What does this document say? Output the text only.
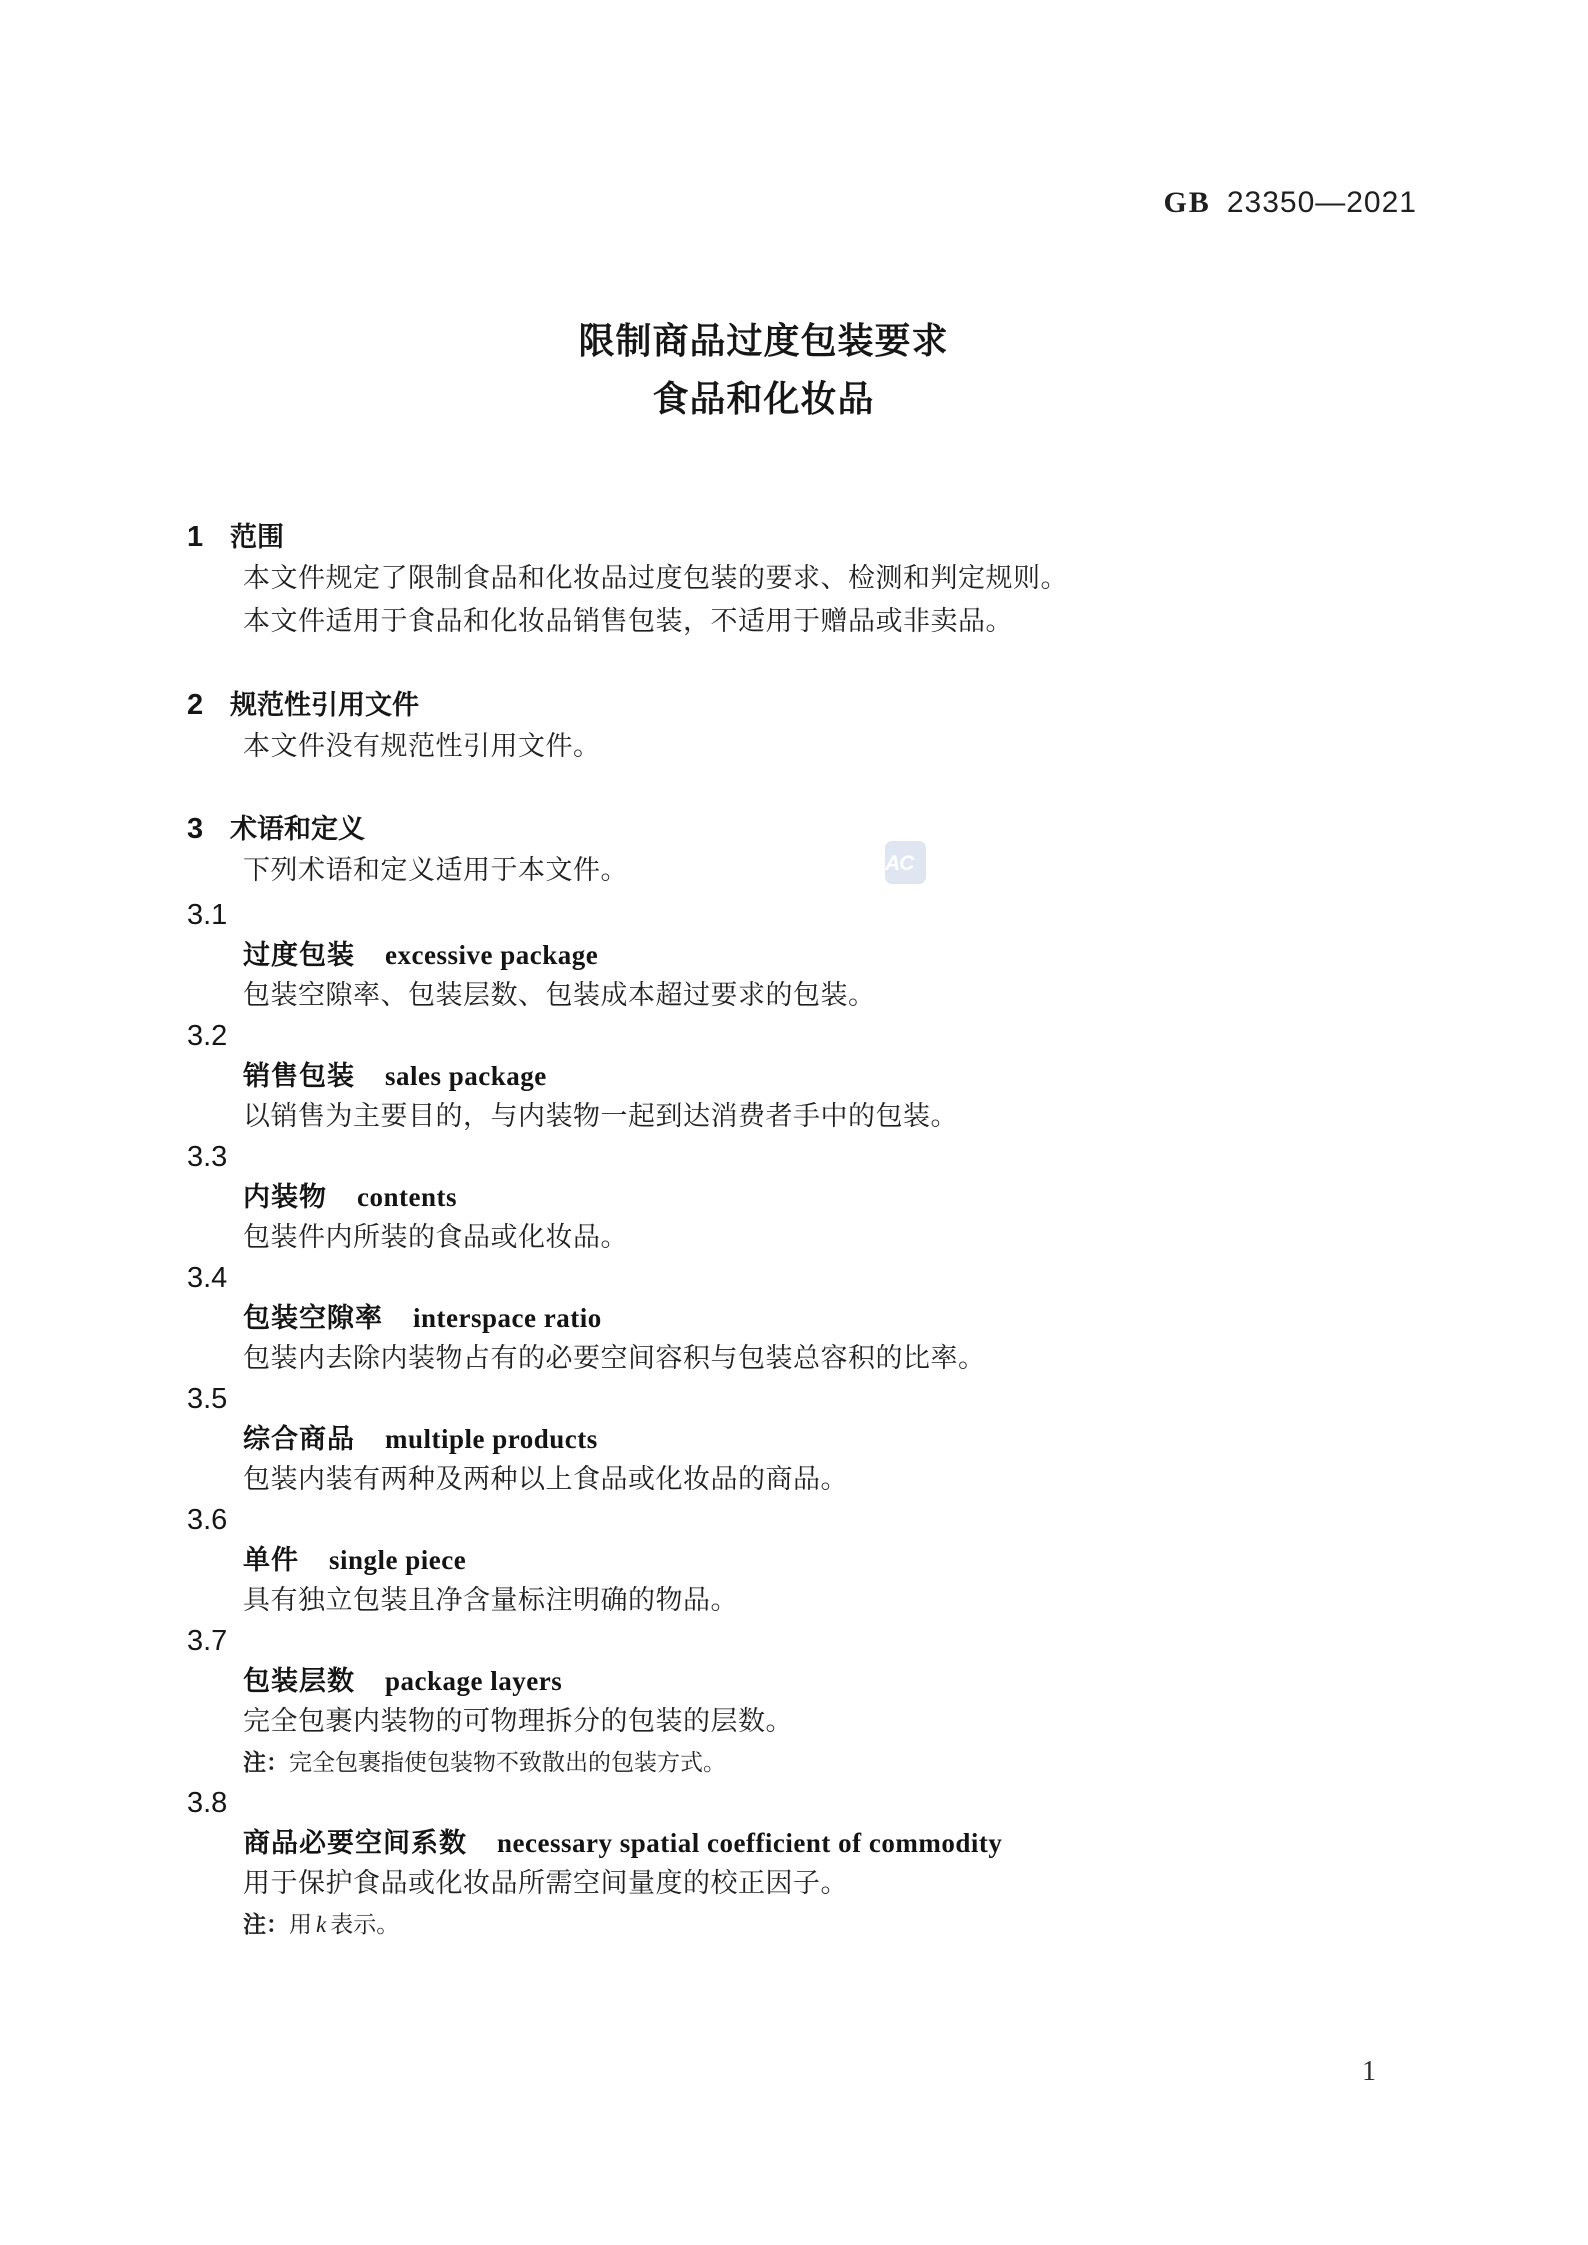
GB 23350—2021
限制商品过度包装要求
食品和化妆品
1 范围

本文件规定了限制食品和化妆品过度包装的要求、检测和判定规则。

本文件适用于食品和化妆品销售包装，不适用于赠品或非卖品。

2 规范性引用文件

本文件没有规范性引用文件。

3 术语和定义

下列术语和定义适用于本文件。

3.1
过度包装 excessive package
包装空隙率、包装层数、包装成本超过要求的包装。
3.2
销售包装 sales package
以销售为主要目的，与内装物一起到达消费者手中的包装。
3.3
内装物 contents
包装件内所装的食品或化妆品。
3.4
包装空隙率 interspace ratio
包装内去除内装物占有的必要空间容积与包装总容积的比率。
3.5
综合商品 multiple products
包装内装有两种及两种以上食品或化妆品的商品。
3.6
单件 single piece
具有独立包装且净含量标注明确的物品。
3.7
包装层数 package layers
完全包裹内装物的可物理拆分的包装的层数。
注：完全包裹指使包装物不致散出的包装方式。
3.8
商品必要空间系数 necessary spatial coefficient of commodity
用于保护食品或化妆品所需空间量度的校正因子。
注：用 k 表示。
SAC
1
